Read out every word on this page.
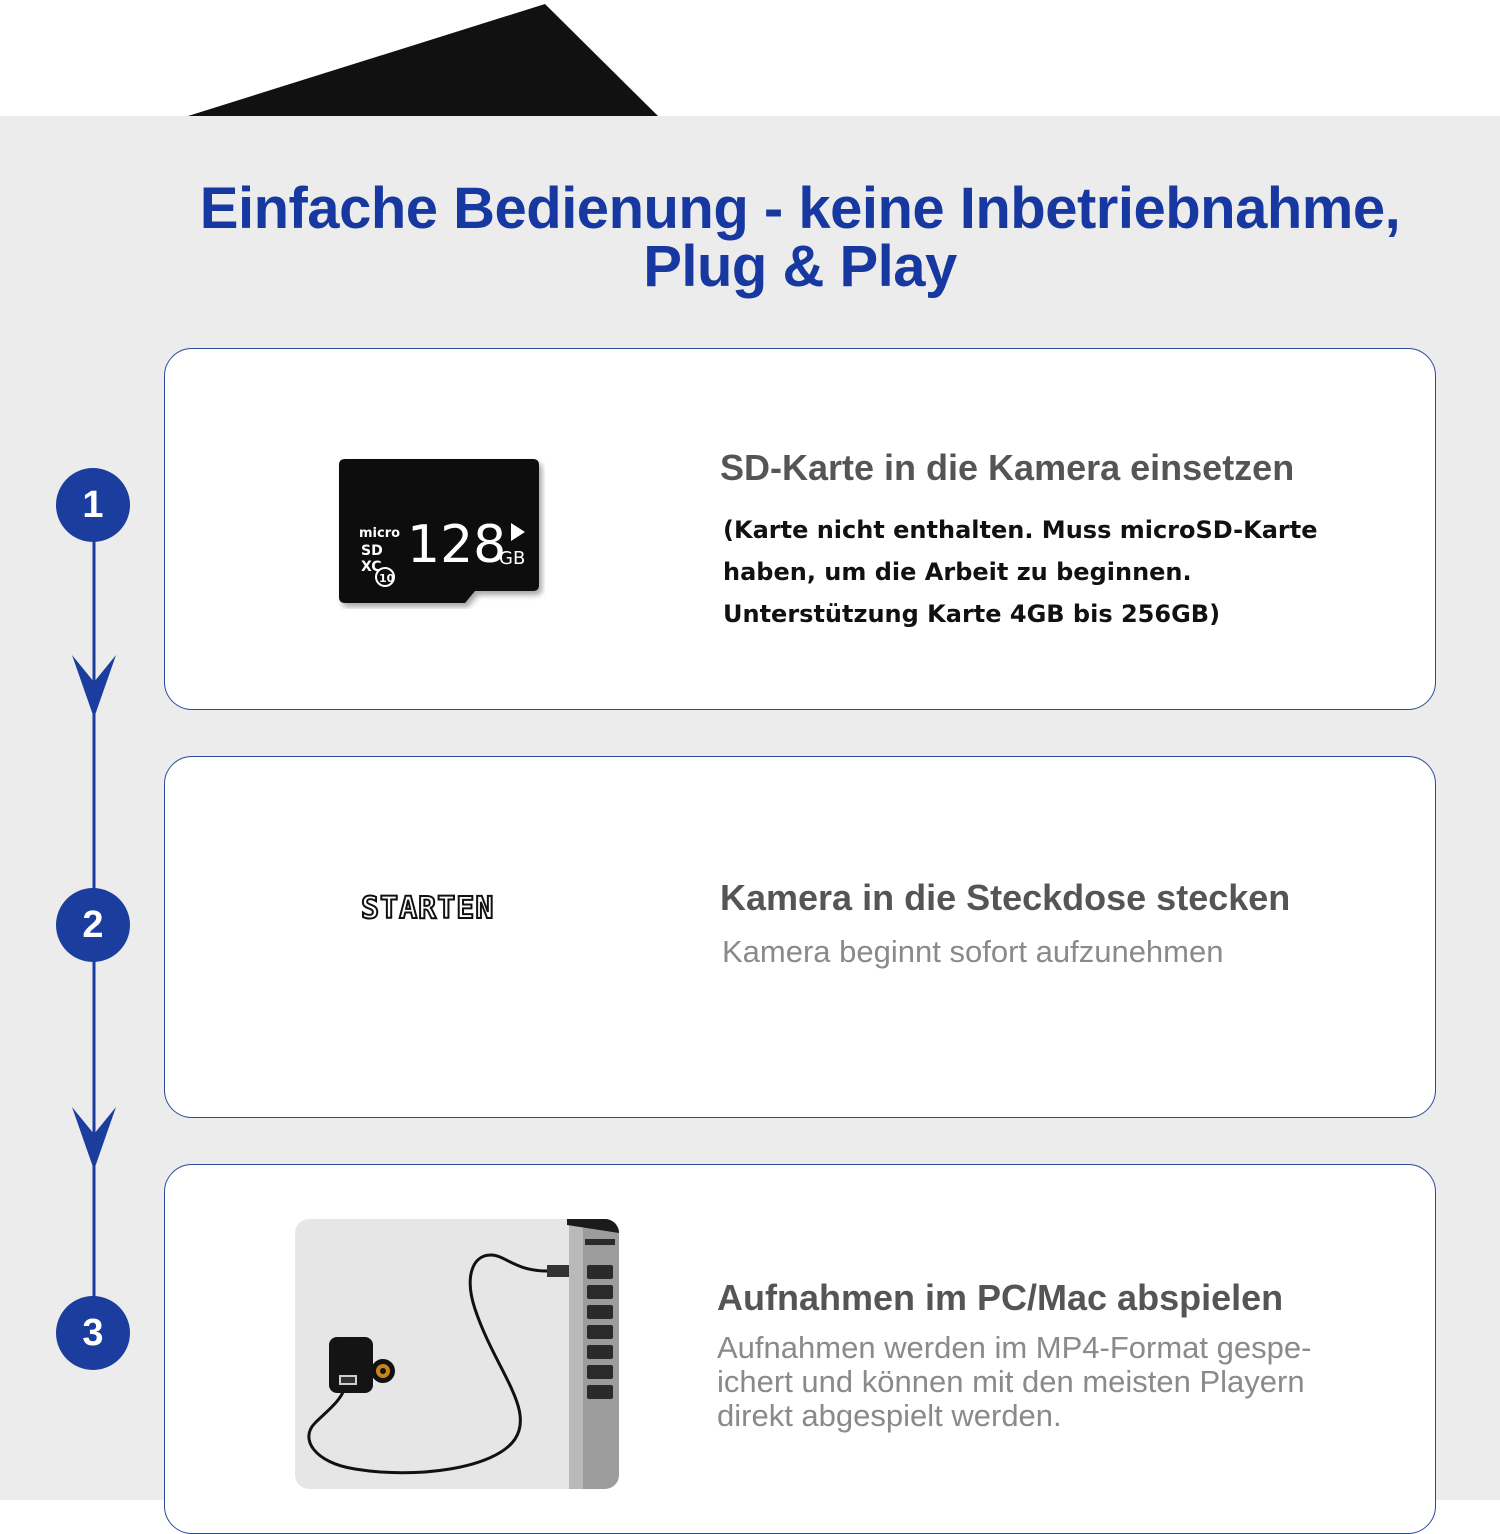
Einfache Bedienung - keine Inbetriebnahme,
Plug & Play
1
2
3
micro
SD
XC
10
128
GB
SD-Karte in die Kamera einsetzen

(Karte nicht enthalten. Muss microSD-Karte
haben, um die Arbeit zu beginnen.
Unterstützung Karte 4GB bis 256GB)

STARTEN	Kamera in die Steckdose stecken

Kamera beginnt sofort aufzunehmen

Aufnahmen im PC/Mac abspielen

Aufnahmen werden im MP4-Format gespe-
ichert und können mit den meisten Playern
direkt abgespielt werden.
